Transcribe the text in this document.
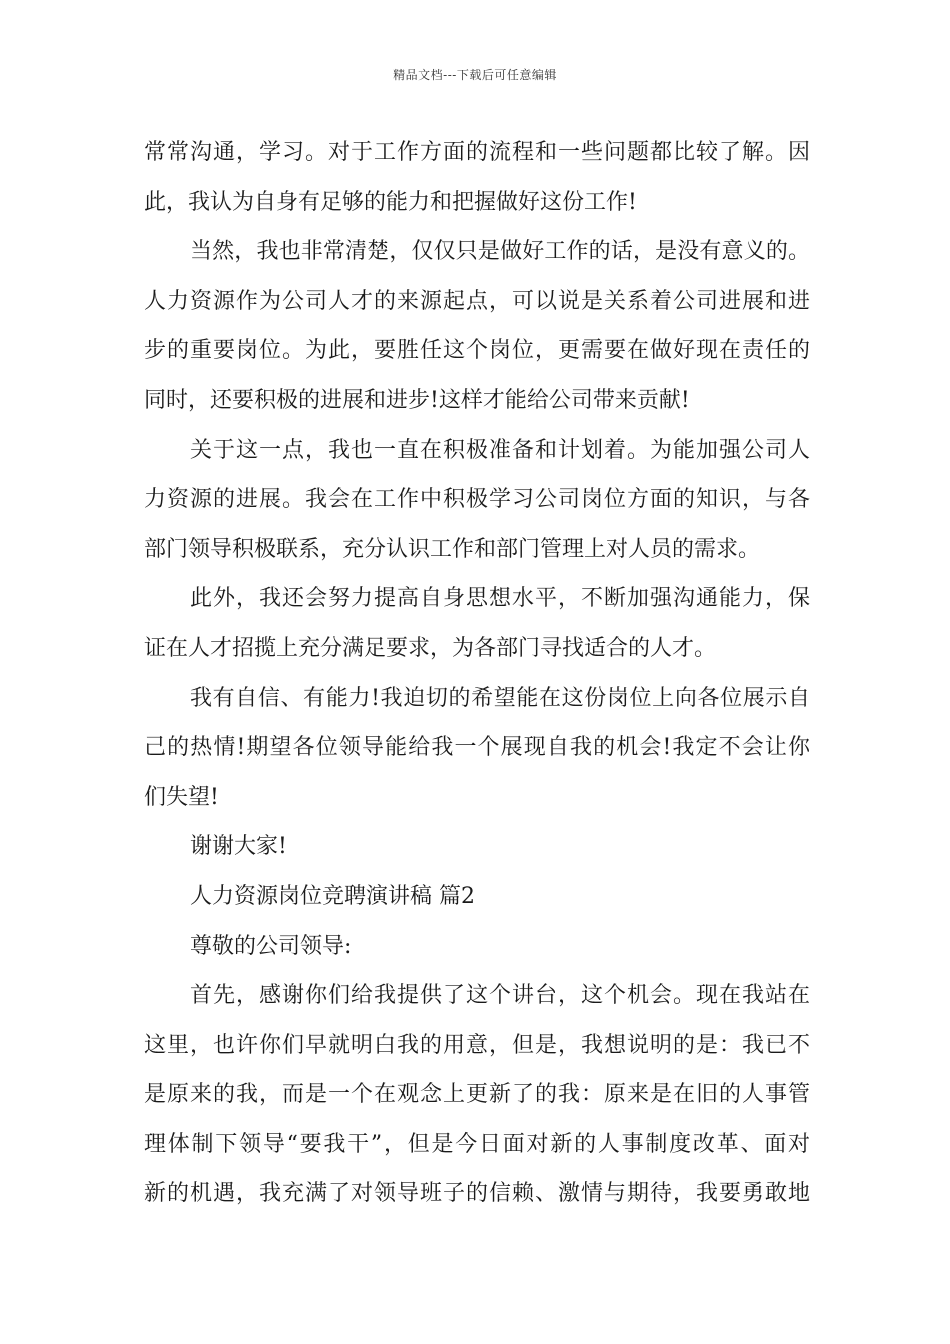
精品文档---下载后可任意编辑
常常沟通，学习。对于工作方面的流程和一些问题都比较了解。因
此，我认为自身有足够的能力和把握做好这份工作!
当然，我也非常清楚，仅仅只是做好工作的话，是没有意义的。
人力资源作为公司人才的来源起点，可以说是关系着公司进展和进
步的重要岗位。为此，要胜任这个岗位，更需要在做好现在责任的
同时，还要积极的进展和进步!这样才能给公司带来贡献!
关于这一点，我也一直在积极准备和计划着。为能加强公司人
力资源的进展。我会在工作中积极学习公司岗位方面的知识，与各
部门领导积极联系，充分认识工作和部门管理上对人员的需求。
此外，我还会努力提高自身思想水平，不断加强沟通能力，保
证在人才招揽上充分满足要求，为各部门寻找适合的人才。
我有自信、有能力!我迫切的希望能在这份岗位上向各位展示自
己的热情!期望各位领导能给我一个展现自我的机会!我定不会让你
们失望!
谢谢大家!
人力资源岗位竞聘演讲稿 篇2
尊敬的公司领导:
首先，感谢你们给我提供了这个讲台，这个机会。现在我站在
这里，也许你们早就明白我的用意，但是，我想说明的是：我已不
是原来的我，而是一个在观念上更新了的我：原来是在旧的人事管
理体制下领导“要我干”，但是今日面对新的人事制度改革、面对
新的机遇，我充满了对领导班子的信赖、激情与期待，我要勇敢地
